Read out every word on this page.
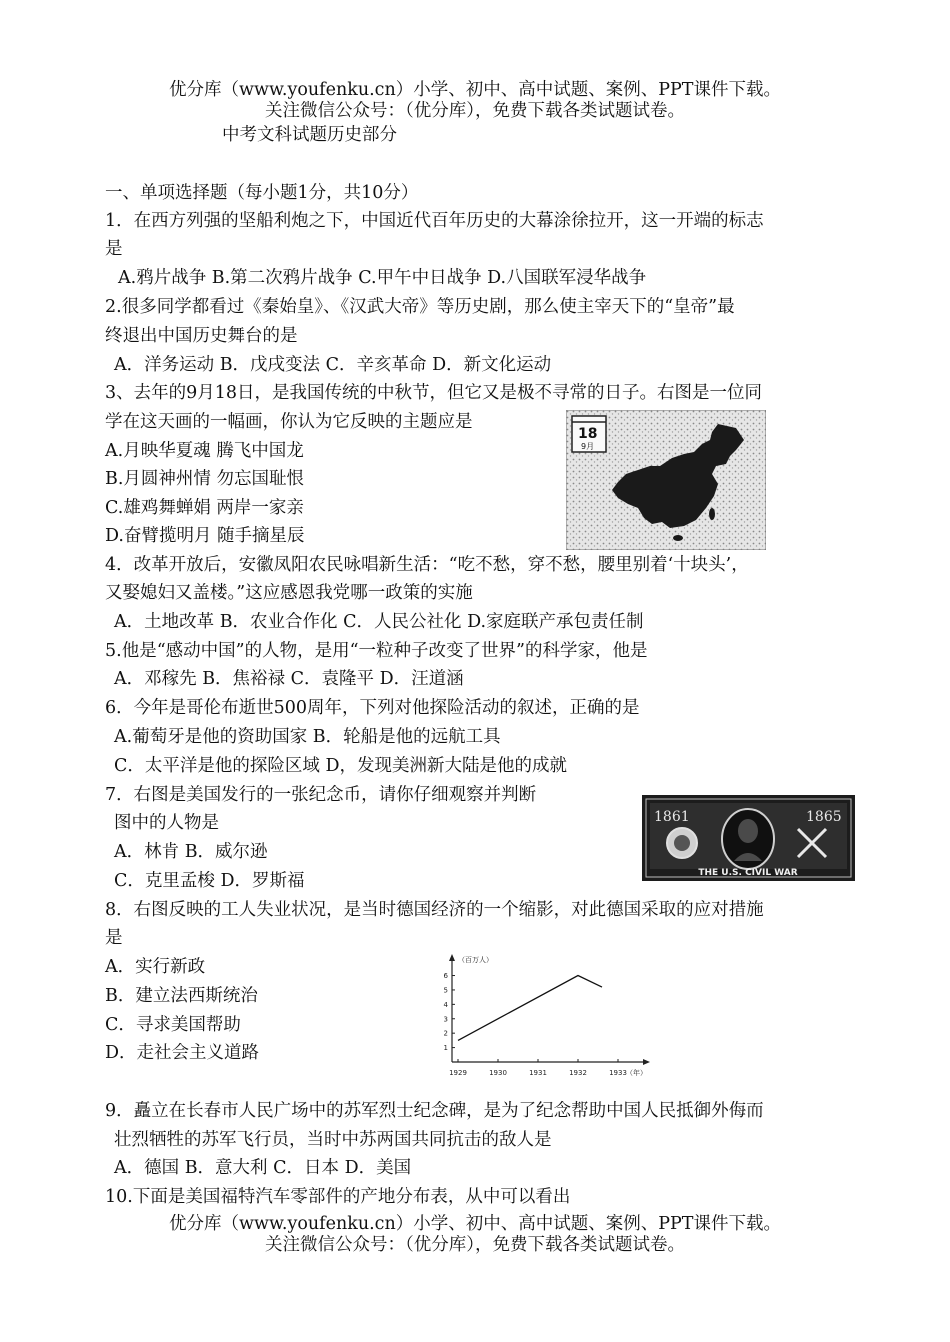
优分库（www.youfenku.cn）小学、初中、高中试题、案例、PPT课件下载。
关注微信公众号：（优分库），免费下载各类试题试卷。
中考文科试题历史部分
一、单项选择题（每小题1分，共10分）
1．在西方列强的坚船利炮之下，中国近代百年历史的大幕涂徐拉开，这一开端的标志
是
A.鸦片战争 B.第二次鸦片战争 C.甲午中日战争 D.八国联军浸华战争
2.很多同学都看过《秦始皇》、《汉武大帝》等历史剧，那么使主宰天下的“皇帝”最
终退出中国历史舞台的是
A．洋务运动 B．戊戌变法 C．辛亥革命 D．新文化运动
3、去年的9月18日，是我国传统的中秋节，但它又是极不寻常的日子。右图是一位同
学在这天画的一幅画，你认为它反映的主题应是
A.月映华夏魂 腾飞中国龙
B.月圆神州情 勿忘国耻恨
C.雄鸡舞蝉娟 两岸一家亲
D.奋臂揽明月 随手摘星辰
18
9月
4．改革开放后，安徽凤阳农民咏唱新生活：“吃不愁，穿不愁，腰里别着‘十块头’，
又娶媳妇又盖楼。”这应感恩我党哪一政策的实施
A．土地改革 B．农业合作化 C．人民公社化 D.家庭联产承包责任制
5.他是“感动中国”的人物，是用“一粒种子改变了世界”的科学家，他是
A．邓稼先 B．焦裕禄 C．袁隆平 D．汪道涵
6．今年是哥伦布逝世500周年，下列对他探险活动的叙述，正确的是
A.葡萄牙是他的资助国家 B．轮船是他的远航工具
C．太平洋是他的探险区域 D，发现美洲新大陆是他的成就
7．右图是美国发行的一张纪念币，请你仔细观察并判断
图中的人物是
A．林肯 B．威尔逊
C．克里孟梭 D．罗斯福
1861	1865
THE U.S. CIVIL WAR
8．右图反映的工人失业状况，是当时德国经济的一个缩影，对此德国采取的应对措施
是
A．实行新政
B．建立法西斯统治
C．寻求美国帮助
D．走社会主义道路
（百万人）
（年）
1
2
3
4
5
6
1929	1930	1931	1932	1933
9．矗立在长春市人民广场中的苏军烈士纪念碑，是为了纪念帮助中国人民抵御外侮而
壮烈牺牲的苏军飞行员，当时中苏两国共同抗击的敌人是
A．德国 B．意大利 C．日本 D．美国
10.下面是美国福特汽车零部件的产地分布表，从中可以看出
优分库（www.youfenku.cn）小学、初中、高中试题、案例、PPT课件下载。
关注微信公众号：（优分库），免费下载各类试题试卷。
